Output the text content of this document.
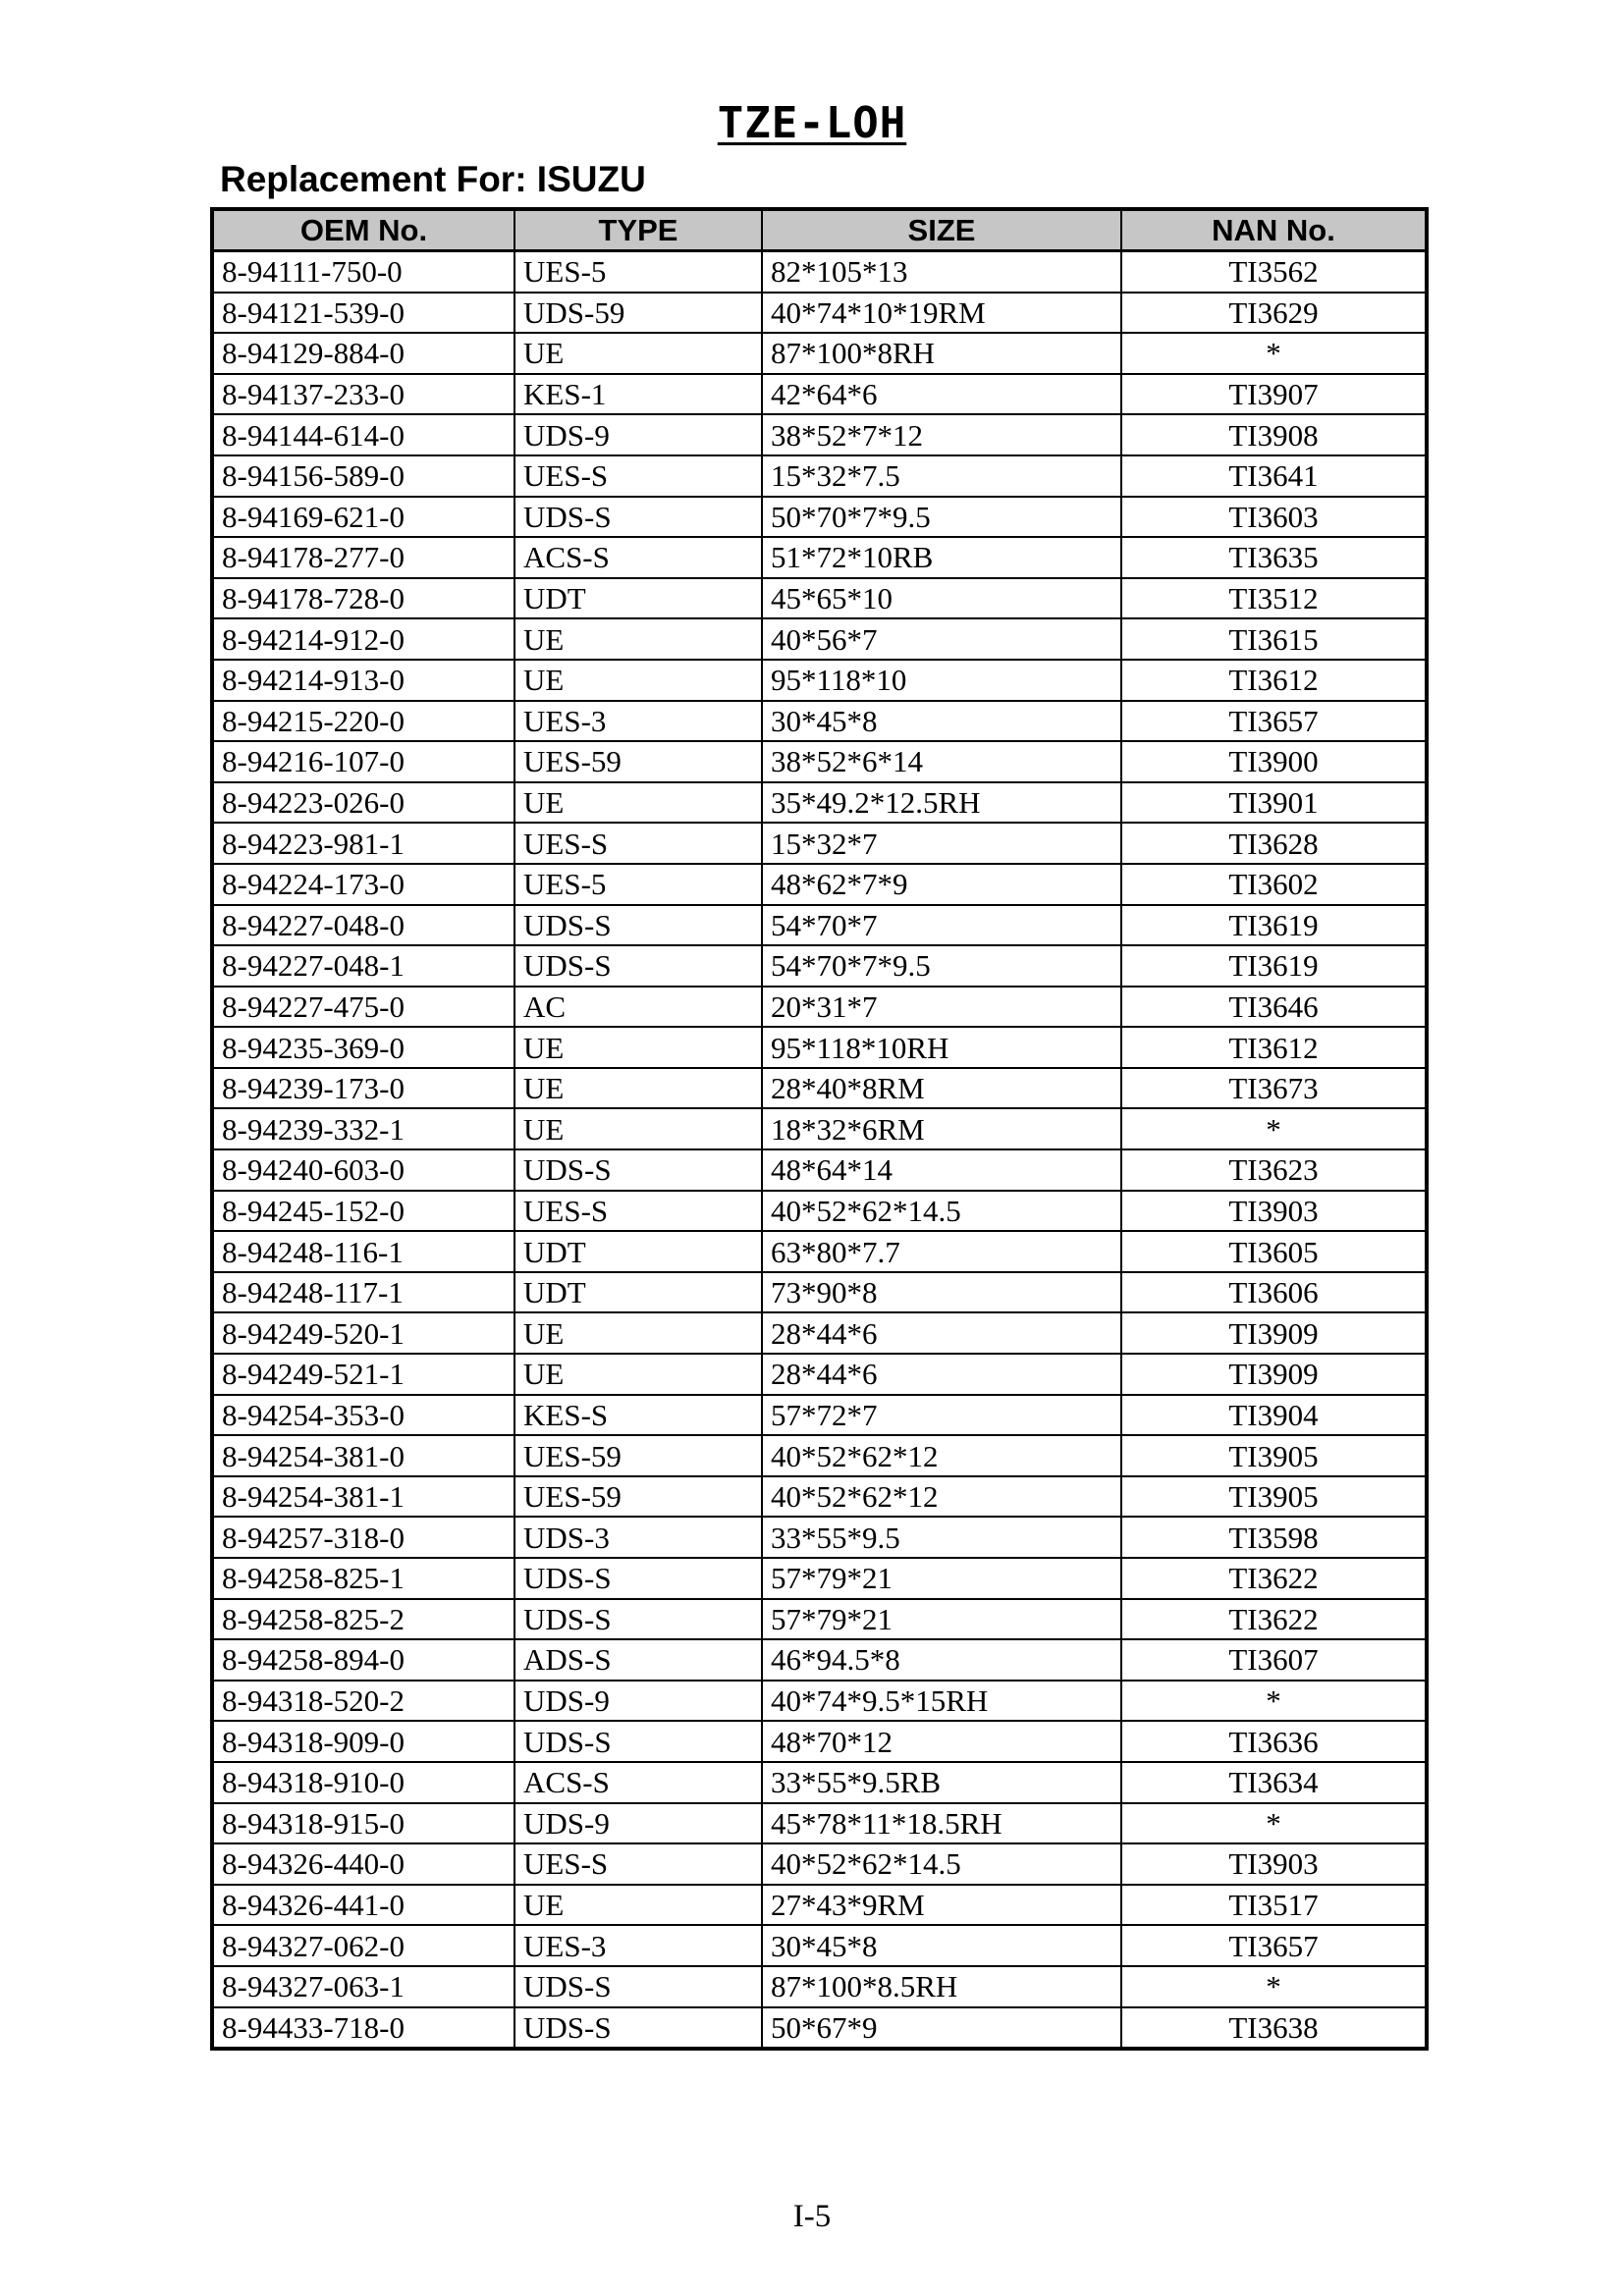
TZE-LOH
Replacement For: ISUZU
OEM No.	TYPE	SIZE	NAN No.
8-94111-750-0	UES-5	82*105*13	TI3562
8-94121-539-0	UDS-59	40*74*10*19RM	TI3629
8-94129-884-0	UE	87*100*8RH	*
8-94137-233-0	KES-1	42*64*6	TI3907
8-94144-614-0	UDS-9	38*52*7*12	TI3908
8-94156-589-0	UES-S	15*32*7.5	TI3641
8-94169-621-0	UDS-S	50*70*7*9.5	TI3603
8-94178-277-0	ACS-S	51*72*10RB	TI3635
8-94178-728-0	UDT	45*65*10	TI3512
8-94214-912-0	UE	40*56*7	TI3615
8-94214-913-0	UE	95*118*10	TI3612
8-94215-220-0	UES-3	30*45*8	TI3657
8-94216-107-0	UES-59	38*52*6*14	TI3900
8-94223-026-0	UE	35*49.2*12.5RH	TI3901
8-94223-981-1	UES-S	15*32*7	TI3628
8-94224-173-0	UES-5	48*62*7*9	TI3602
8-94227-048-0	UDS-S	54*70*7	TI3619
8-94227-048-1	UDS-S	54*70*7*9.5	TI3619
8-94227-475-0	AC	20*31*7	TI3646
8-94235-369-0	UE	95*118*10RH	TI3612
8-94239-173-0	UE	28*40*8RM	TI3673
8-94239-332-1	UE	18*32*6RM	*
8-94240-603-0	UDS-S	48*64*14	TI3623
8-94245-152-0	UES-S	40*52*62*14.5	TI3903
8-94248-116-1	UDT	63*80*7.7	TI3605
8-94248-117-1	UDT	73*90*8	TI3606
8-94249-520-1	UE	28*44*6	TI3909
8-94249-521-1	UE	28*44*6	TI3909
8-94254-353-0	KES-S	57*72*7	TI3904
8-94254-381-0	UES-59	40*52*62*12	TI3905
8-94254-381-1	UES-59	40*52*62*12	TI3905
8-94257-318-0	UDS-3	33*55*9.5	TI3598
8-94258-825-1	UDS-S	57*79*21	TI3622
8-94258-825-2	UDS-S	57*79*21	TI3622
8-94258-894-0	ADS-S	46*94.5*8	TI3607
8-94318-520-2	UDS-9	40*74*9.5*15RH	*
8-94318-909-0	UDS-S	48*70*12	TI3636
8-94318-910-0	ACS-S	33*55*9.5RB	TI3634
8-94318-915-0	UDS-9	45*78*11*18.5RH	*
8-94326-440-0	UES-S	40*52*62*14.5	TI3903
8-94326-441-0	UE	27*43*9RM	TI3517
8-94327-062-0	UES-3	30*45*8	TI3657
8-94327-063-1	UDS-S	87*100*8.5RH	*
8-94433-718-0	UDS-S	50*67*9	TI3638
I-5
